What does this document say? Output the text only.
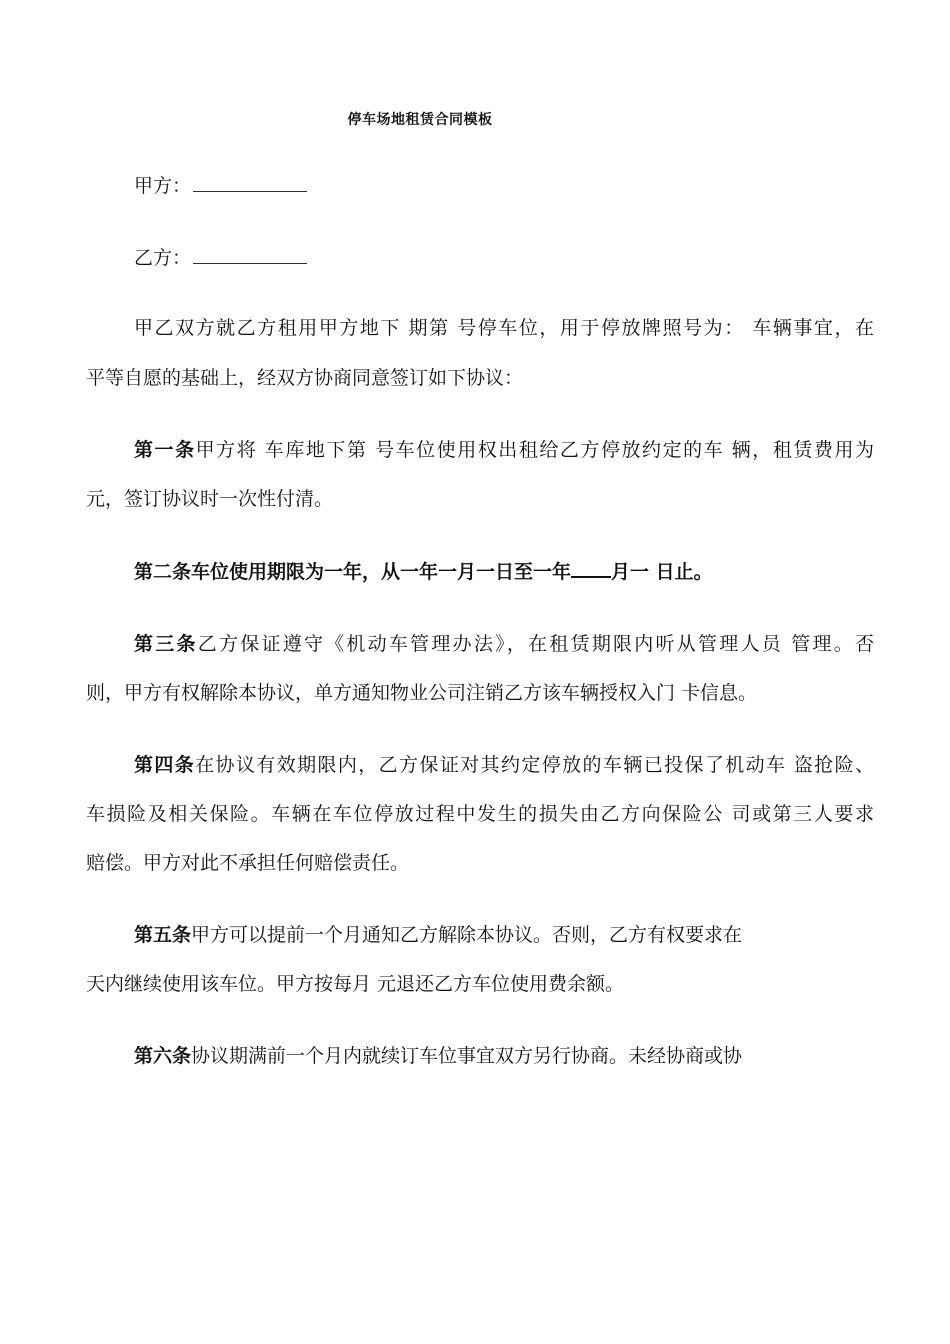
停车场地租赁合同模板
甲方：
乙方：
甲乙双方就乙方租用甲方地下 期第 号停车位，用于停放牌照号为： 车辆事宜，在
平等自愿的基础上，经双方协商同意签订如下协议：
第一条甲方将 车库地下第 号车位使用权出租给乙方停放约定的车 辆，租赁费用为
元，签订协议时一次性付清。
第二条车位使用期限为一年，从一年一月一日至一年 月一 日止。
第三条乙方保证遵守《机动车管理办法》，在租赁期限内听从管理人员 管理。否
则，甲方有权解除本协议，单方通知物业公司注销乙方该车辆授权入门 卡信息。
第四条在协议有效期限内，乙方保证对其约定停放的车辆已投保了机动车 盗抢险、
车损险及相关保险。车辆在车位停放过程中发生的损失由乙方向保险公 司或第三人要求
赔偿。甲方对此不承担任何赔偿责任。
第五条甲方可以提前一个月通知乙方解除本协议。否则，乙方有权要求在
天内继续使用该车位。甲方按每月 元退还乙方车位使用费余额。
第六条协议期满前一个月内就续订车位事宜双方另行协商。未经协商或协
